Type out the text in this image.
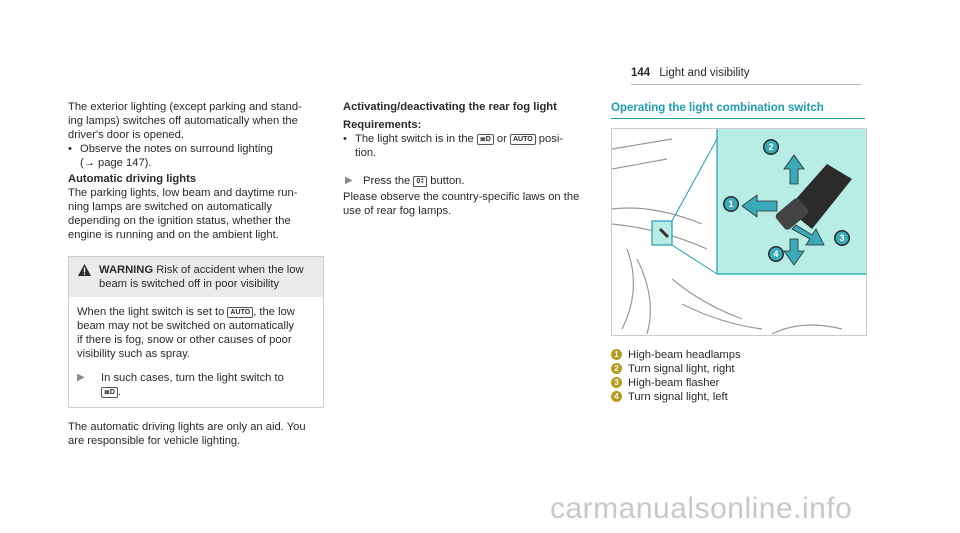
144 Light and visibility
The exterior lighting (except parking and stand-
ing lamps) switches off automatically when the
driver's door is opened.
• Observe the notes on surround lighting
(→ page 147).
Automatic driving lights
The parking lights, low beam and daytime run-
ning lamps are switched on automatically
depending on the ignition status, whether the
engine is running and on the ambient light.
WARNING Risk of accident when the low
beam is switched off in poor visibility
When the light switch is set to AUTO , the low
beam may not be switched on automatically
if there is fog, snow or other causes of poor
visibility such as spray.
▶	In such cases, turn the light switch to
≣D .
The automatic driving lights are only an aid. You
are responsible for vehicle lighting.
Activating/deactivating the rear fog light
Requirements:
• The light switch is in the ≣D or AUTO posi-
tion.
▶ Press the 0‡ button.
Please observe the country-specific laws on the
use of rear fog lamps.
Operating the light combination switch
1
2
3
4
1 High-beam headlamps
2 Turn signal light, right
3 High-beam flasher
4 Turn signal light, left
carmanualsonline.info
